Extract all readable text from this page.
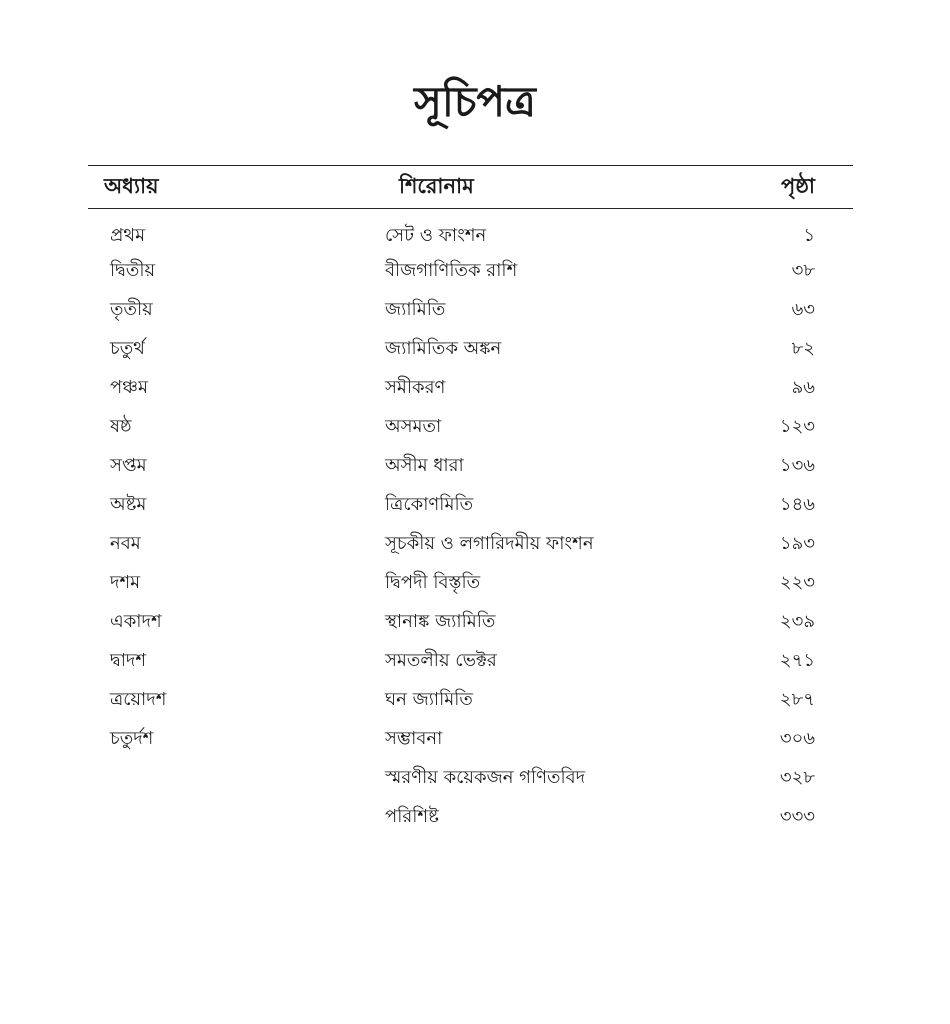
সূচিপত্র
অধ্যায়	শিরোনাম	পৃষ্ঠা
প্রথম	সেট ও ফাংশন	১
দ্বিতীয়	বীজগাণিতিক রাশি	৩৮
তৃতীয়	জ্যামিতি	৬৩
চতুর্থ	জ্যামিতিক অঙ্কন	৮২
পঞ্চম	সমীকরণ	৯৬
ষষ্ঠ	অসমতা	১২৩
সপ্তম	অসীম ধারা	১৩৬
অষ্টম	ত্রিকোণমিতি	১৪৬
নবম	সূচকীয় ও লগারিদমীয় ফাংশন	১৯৩
দশম	দ্বিপদী বিস্তৃতি	২২৩
একাদশ	স্থানাঙ্ক জ্যামিতি	২৩৯
দ্বাদশ	সমতলীয় ভেক্টর	২৭১
ত্রয়োদশ	ঘন জ্যামিতি	২৮৭
চতুর্দশ	সম্ভাবনা	৩০৬
	স্মরণীয় কয়েকজন গণিতবিদ	৩২৮
	পরিশিষ্ট	৩৩৩
